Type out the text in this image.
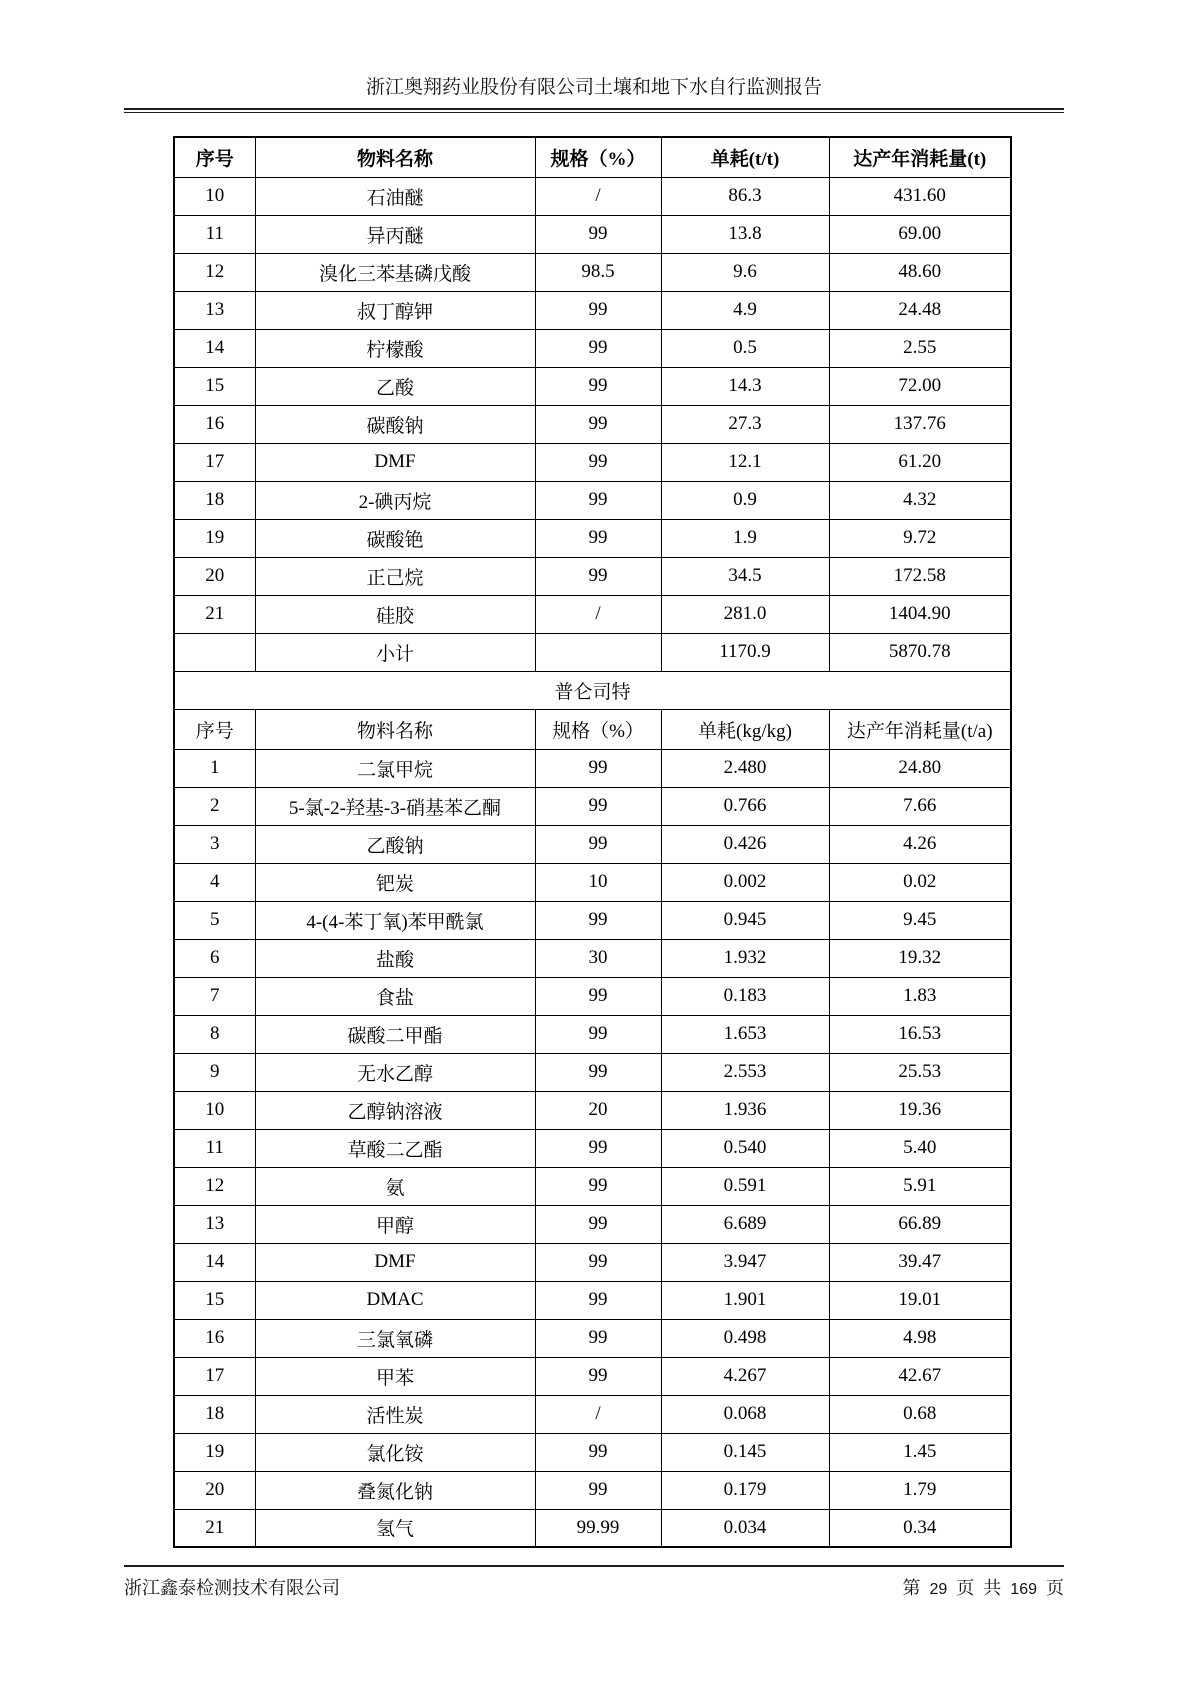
浙江奥翔药业股份有限公司土壤和地下水自行监测报告
序号	物料名称	规格（%）	单耗(t/t)	达产年消耗量(t)
10	石油醚	/	86.3	431.60
11	异丙醚	99	13.8	69.00
12	溴化三苯基磷戊酸	98.5	9.6	48.60
13	叔丁醇钾	99	4.9	24.48
14	柠檬酸	99	0.5	2.55
15	乙酸	99	14.3	72.00
16	碳酸钠	99	27.3	137.76
17	DMF	99	12.1	61.20
18	2-碘丙烷	99	0.9	4.32
19	碳酸铯	99	1.9	9.72
20	正己烷	99	34.5	172.58
21	硅胶	/	281.0	1404.90
	小计		1170.9	5870.78
普仑司特				
序号	物料名称	规格（%）	单耗(kg/kg)	达产年消耗量(t/a)
1	二氯甲烷	99	2.480	24.80
2	5-氯-2-羟基-3-硝基苯乙酮	99	0.766	7.66
3	乙酸钠	99	0.426	4.26
4	钯炭	10	0.002	0.02
5	4-(4-苯丁氧)苯甲酰氯	99	0.945	9.45
6	盐酸	30	1.932	19.32
7	食盐	99	0.183	1.83
8	碳酸二甲酯	99	1.653	16.53
9	无水乙醇	99	2.553	25.53
10	乙醇钠溶液	20	1.936	19.36
11	草酸二乙酯	99	0.540	5.40
12	氨	99	0.591	5.91
13	甲醇	99	6.689	66.89
14	DMF	99	3.947	39.47
15	DMAC	99	1.901	19.01
16	三氯氧磷	99	0.498	4.98
17	甲苯	99	4.267	42.67
18	活性炭	/	0.068	0.68
19	氯化铵	99	0.145	1.45
20	叠氮化钠	99	0.179	1.79
21	氢气	99.99	0.034	0.34
浙江鑫泰检测技术有限公司	第 29 页 共 169 页
